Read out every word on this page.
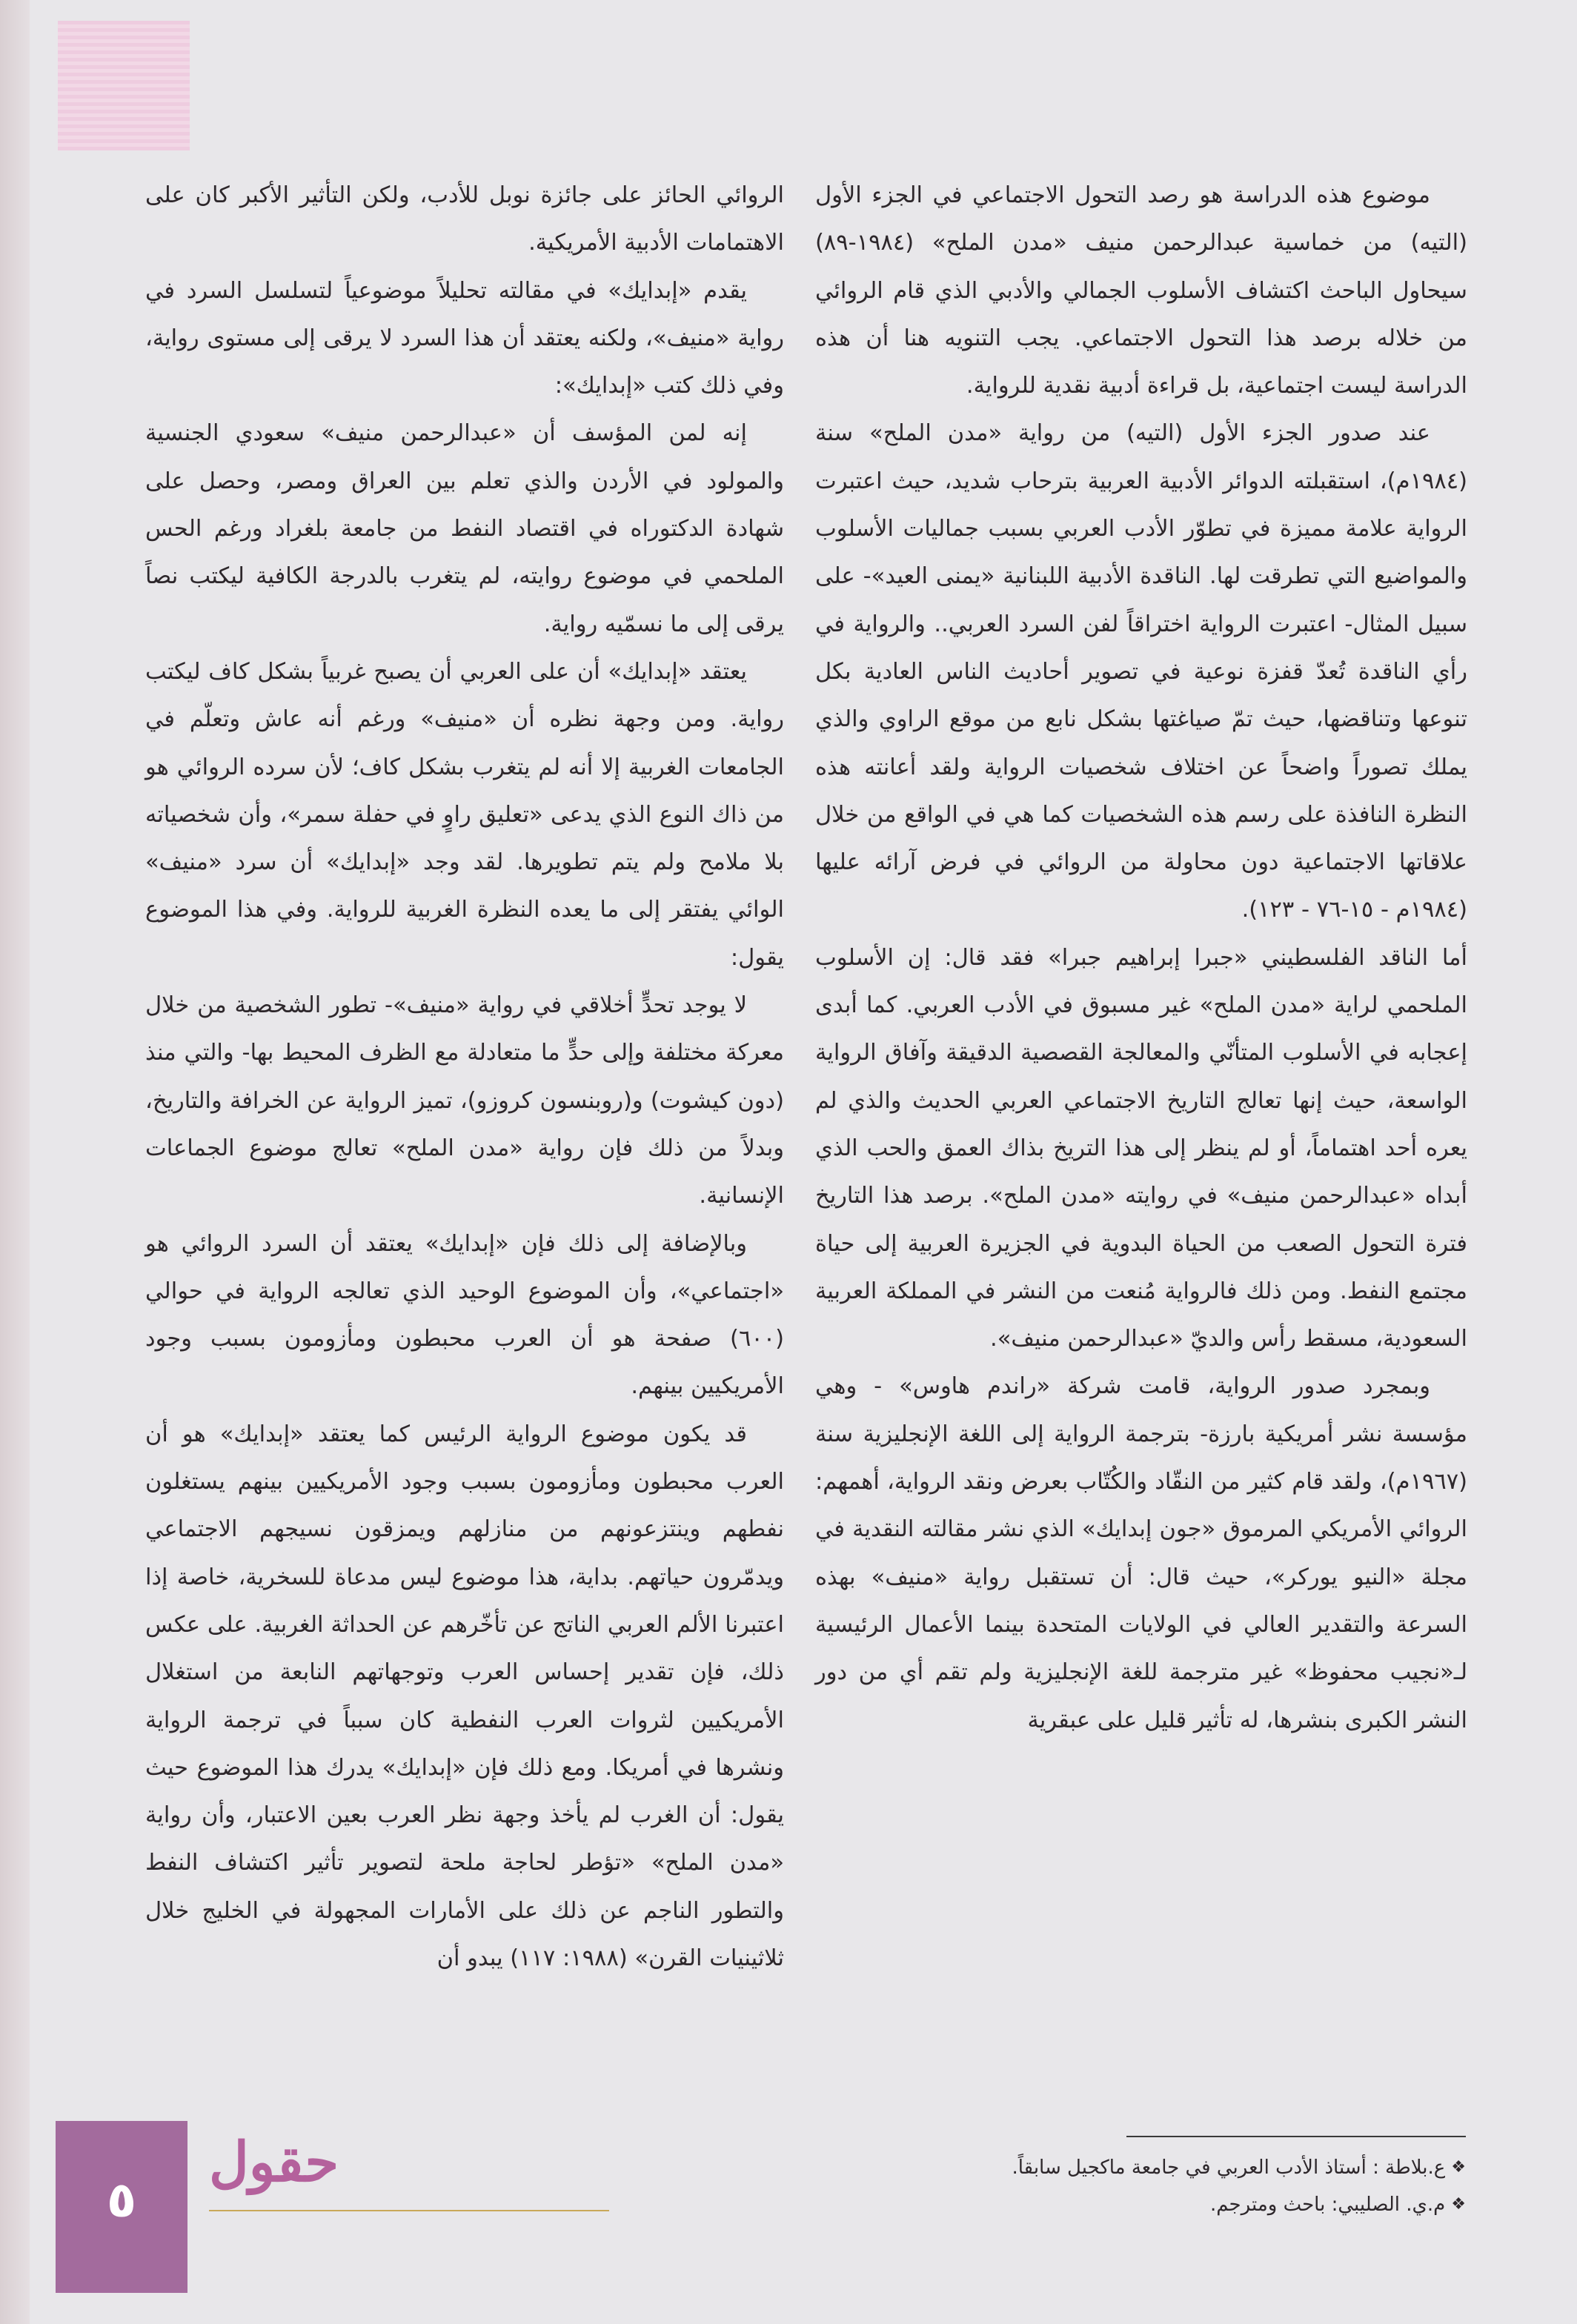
موضوع هذه الدراسة هو رصد التحول الاجتماعي في الجزء الأول (التيه) من خماسية عبدالرحمن منيف «مدن الملح» (١٩٨٤-٨٩) سيحاول الباحث اكتشاف الأسلوب الجمالي والأدبي الذي قام الروائي من خلاله برصد هذا التحول الاجتماعي. يجب التنويه هنا أن هذه الدراسة ليست اجتماعية، بل قراءة أدبية نقدية للرواية.

عند صدور الجزء الأول (التيه) من رواية «مدن الملح» سنة (١٩٨٤م)، استقبلته الدوائر الأدبية العربية بترحاب شديد، حيث اعتبرت الرواية علامة مميزة في تطوّر الأدب العربي بسبب جماليات الأسلوب والمواضيع التي تطرقت لها. الناقدة الأدبية اللبنانية «يمنى العيد»- على سبيل المثال- اعتبرت الرواية اختراقاً لفن السرد العربي.. والرواية في رأي الناقدة تُعدّ قفزة نوعية في تصوير أحاديث الناس العادية بكل تنوعها وتناقضها، حيث تمّ صياغتها بشكل نابع من موقع الراوي والذي يملك تصوراً واضحاً عن اختلاف شخصيات الرواية ولقد أعانته هذه النظرة النافذة على رسم هذه الشخصيات كما هي في الواقع من خلال علاقاتها الاجتماعية دون محاولة من الروائي في فرض آرائه عليها (١٩٨٤م - ١٥-٧٦ - ١٢٣).

أما الناقد الفلسطيني «جبرا إبراهيم جبرا» فقد قال: إن الأسلوب الملحمي لراية «مدن الملح» غير مسبوق في الأدب العربي. كما أبدى إعجابه في الأسلوب المتأنّي والمعالجة القصصية الدقيقة وآفاق الرواية الواسعة، حيث إنها تعالج التاريخ الاجتماعي العربي الحديث والذي لم يعره أحد اهتماماً، أو لم ينظر إلى هذا التريخ بذاك العمق والحب الذي أبداه «عبدالرحمن منيف» في روايته «مدن الملح». برصد هذا التاريخ فترة التحول الصعب من الحياة البدوية في الجزيرة العربية إلى حياة مجتمع النفط. ومن ذلك فالرواية مُنعت من النشر في المملكة العربية السعودية، مسقط رأس والديّ «عبدالرحمن منيف».

وبمجرد صدور الرواية، قامت شركة «راندم هاوس» - وهي مؤسسة نشر أمريكية بارزة- بترجمة الرواية إلى اللغة الإنجليزية سنة (١٩٦٧م)، ولقد قام كثير من النقّاد والكُتّاب بعرض ونقد الرواية، أهمهم: الروائي الأمريكي المرموق «جون إبدايك» الذي نشر مقالته النقدية في مجلة «النيو يوركر»، حيث قال: أن تستقبل رواية «منيف» بهذه السرعة والتقدير العالي في الولايات المتحدة بينما الأعمال الرئيسية لـ«نجيب محفوظ» غير مترجمة للغة الإنجليزية ولم تقم أي من دور النشر الكبرى بنشرها، له تأثير قليل على عبقرية

الروائي الحائز على جائزة نوبل للأدب، ولكن التأثير الأكبر كان على الاهتمامات الأدبية الأمريكية.

يقدم «إبدايك» في مقالته تحليلاً موضوعياً لتسلسل السرد في رواية «منيف»، ولكنه يعتقد أن هذا السرد لا يرقى إلى مستوى رواية، وفي ذلك كتب «إبدايك»:

إنه لمن المؤسف أن «عبدالرحمن منيف» سعودي الجنسية والمولود في الأردن والذي تعلم بين العراق ومصر، وحصل على شهادة الدكتوراه في اقتصاد النفط من جامعة بلغراد ورغم الحس الملحمي في موضوع روايته، لم يتغرب بالدرجة الكافية ليكتب نصاً يرقى إلى ما نسمّيه رواية.

يعتقد «إبدايك» أن على العربي أن يصبح غربياً بشكل كاف ليكتب رواية. ومن وجهة نظره أن «منيف» ورغم أنه عاش وتعلّم في الجامعات الغربية إلا أنه لم يتغرب بشكل كاف؛ لأن سرده الروائي هو من ذاك النوع الذي يدعى «تعليق راوٍ في حفلة سمر»، وأن شخصياته بلا ملامح ولم يتم تطويرها. لقد وجد «إبدايك» أن سرد «منيف» الوائي يفتقر إلى ما يعده النظرة الغربية للرواية. وفي هذا الموضوع يقول:

لا يوجد تحدٍّ أخلاقي في رواية «منيف»- تطور الشخصية من خلال معركة مختلفة وإلى حدٍّ ما متعادلة مع الظرف المحيط بها- والتي منذ (دون كيشوت) و(روبنسون كروزو)، تميز الرواية عن الخرافة والتاريخ، وبدلاً من ذلك فإن رواية «مدن الملح» تعالج موضوع الجماعات الإنسانية.

وبالإضافة إلى ذلك فإن «إبدايك» يعتقد أن السرد الروائي هو «اجتماعي»، وأن الموضوع الوحيد الذي تعالجه الرواية في حوالي (٦٠٠) صفحة هو أن العرب محبطون ومأزومون بسبب وجود الأمريكيين بينهم.

قد يكون موضوع الرواية الرئيس كما يعتقد «إبدايك» هو أن العرب محبطون ومأزومون بسبب وجود الأمريكيين بينهم يستغلون نفطهم وينتزعونهم من منازلهم ويمزقون نسيجهم الاجتماعي ويدمّرون حياتهم. بداية، هذا موضوع ليس مدعاة للسخرية، خاصة إذا اعتبرنا الألم العربي الناتج عن تأخّرهم عن الحداثة الغربية. على عكس ذلك، فإن تقدير إحساس العرب وتوجهاتهم النابعة من استغلال الأمريكيين لثروات العرب النفطية كان سبباً في ترجمة الرواية ونشرها في أمريكا. ومع ذلك فإن «إبدايك» يدرك هذا الموضوع حيث يقول: أن الغرب لم يأخذ وجهة نظر العرب بعين الاعتبار، وأن رواية «مدن الملح» «تؤطر لحاجة ملحة لتصوير تأثير اكتشاف النفط والتطور الناجم عن ذلك على الأمارات المجهولة في الخليج خلال ثلاثينيات القرن» (١٩٨٨: ١١٧) يبدو أن

❖
ع.بلاطة : أستاذ الأدب العربي في جامعة ماكجيل سابقاً.
❖
م.ي. الصليبي: باحث ومترجم.
٥
حقول
